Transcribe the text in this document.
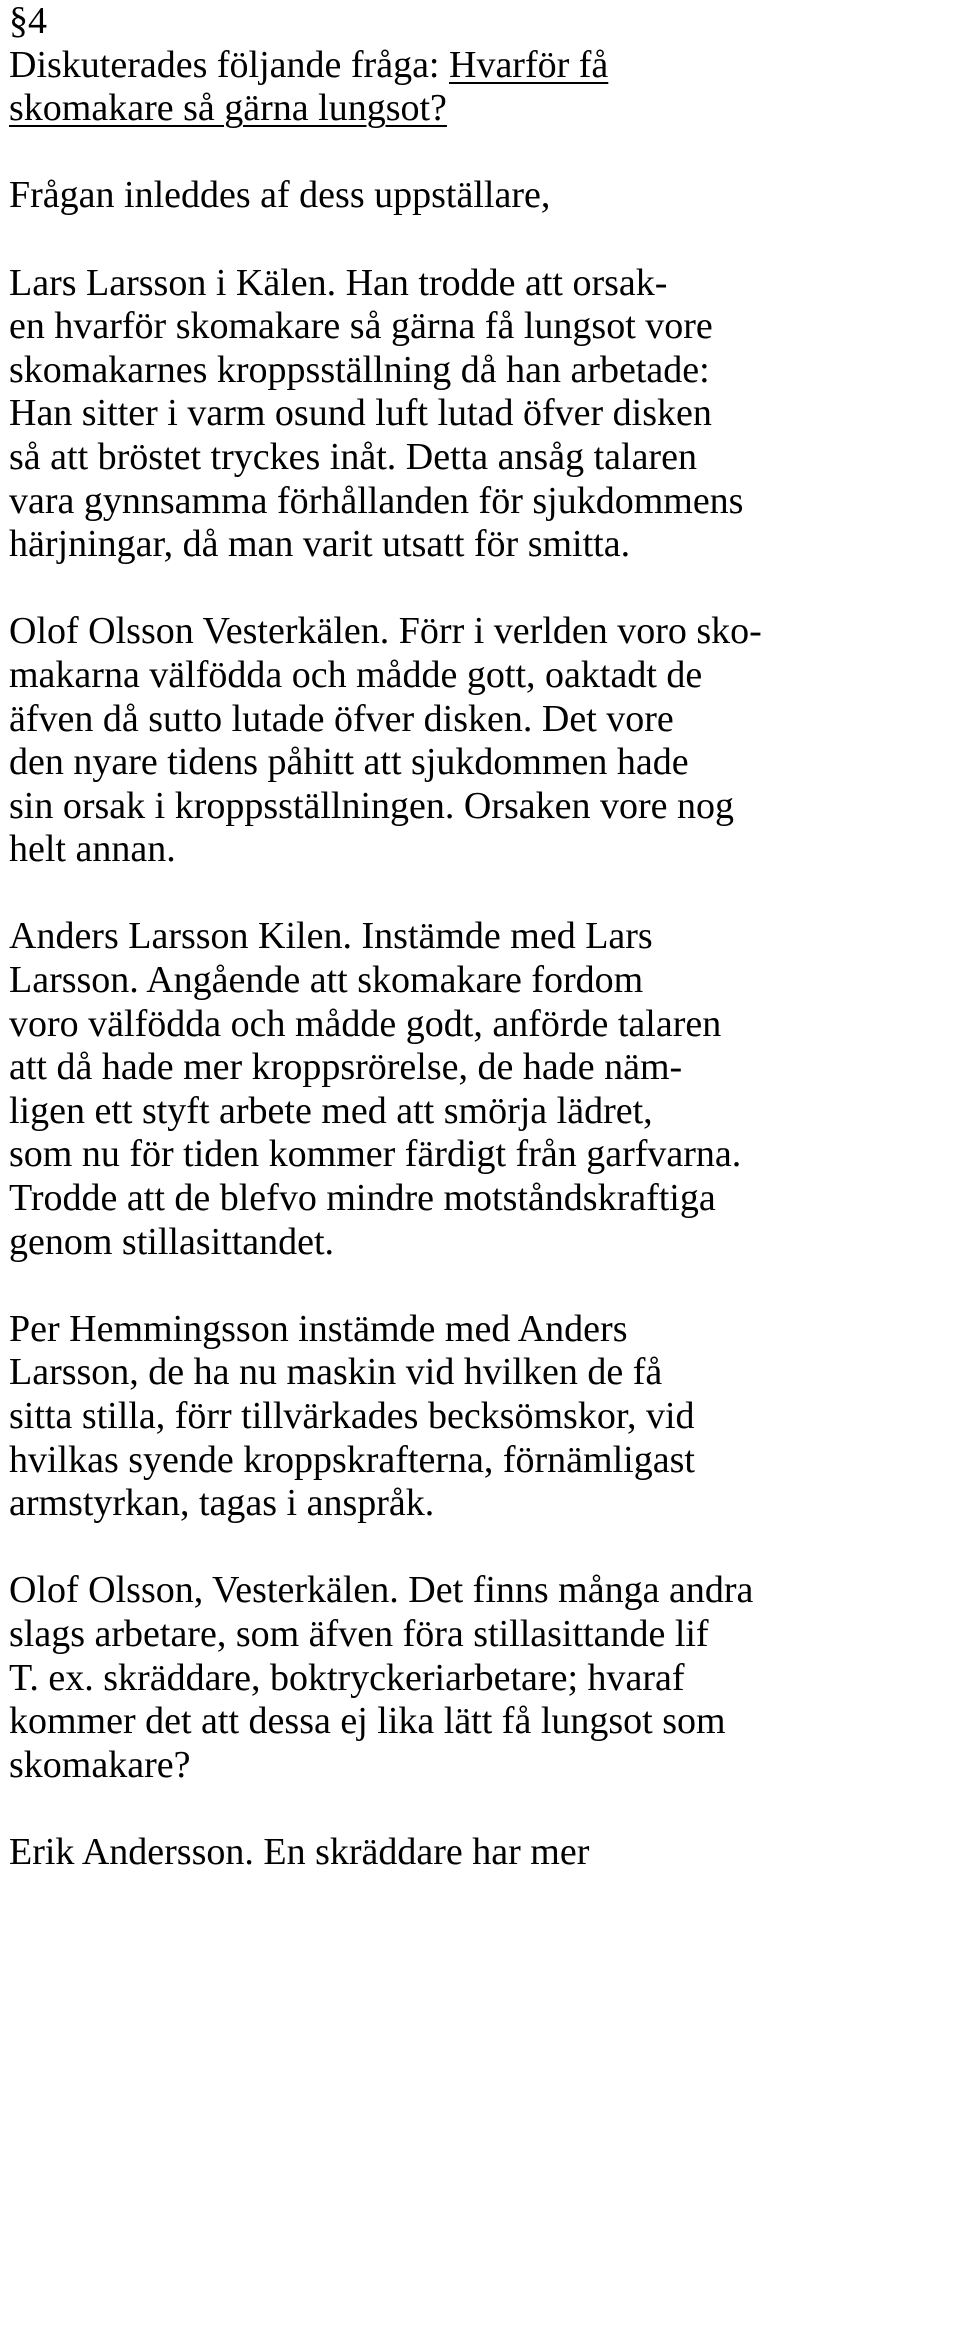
§4
Diskuterades följande fråga: Hvarför få
skomakare så gärna lungsot?
Frågan inleddes af dess uppställare,
Lars Larsson i Kälen. Han trodde att orsak-
en hvarför skomakare så gärna få lungsot vore
skomakarnes kroppsställning då han arbetade:
Han sitter i varm osund luft lutad öfver disken
så att bröstet tryckes inåt. Detta ansåg talaren
vara gynnsamma förhållanden för sjukdommens
härjningar, då man varit utsatt för smitta.
Olof Olsson Vesterkälen. Förr i verlden voro sko-
makarna välfödda och mådde gott, oaktadt de
äfven då sutto lutade öfver disken. Det vore
den nyare tidens påhitt att sjukdommen hade
sin orsak i kroppsställningen. Orsaken vore nog
helt annan.
Anders Larsson Kilen. Instämde med Lars
Larsson. Angående att skomakare fordom
voro välfödda och mådde godt, anförde talaren
att då hade mer kroppsrörelse, de hade näm-
ligen ett styft arbete med att smörja lädret,
som nu för tiden kommer färdigt från garfvarna.
Trodde att de blefvo mindre motståndskraftiga
genom stillasittandet.
Per Hemmingsson instämde med Anders
Larsson, de ha nu maskin vid hvilken de få
sitta stilla, förr tillvärkades becksömskor, vid
hvilkas syende kroppskrafterna, förnämligast
armstyrkan, tagas i anspråk.
Olof Olsson, Vesterkälen. Det finns många andra
slags arbetare, som äfven föra stillasittande lif
T. ex. skräddare, boktryckeriarbetare; hvaraf
kommer det att dessa ej lika lätt få lungsot som
skomakare?
Erik Andersson. En skräddare har mer
